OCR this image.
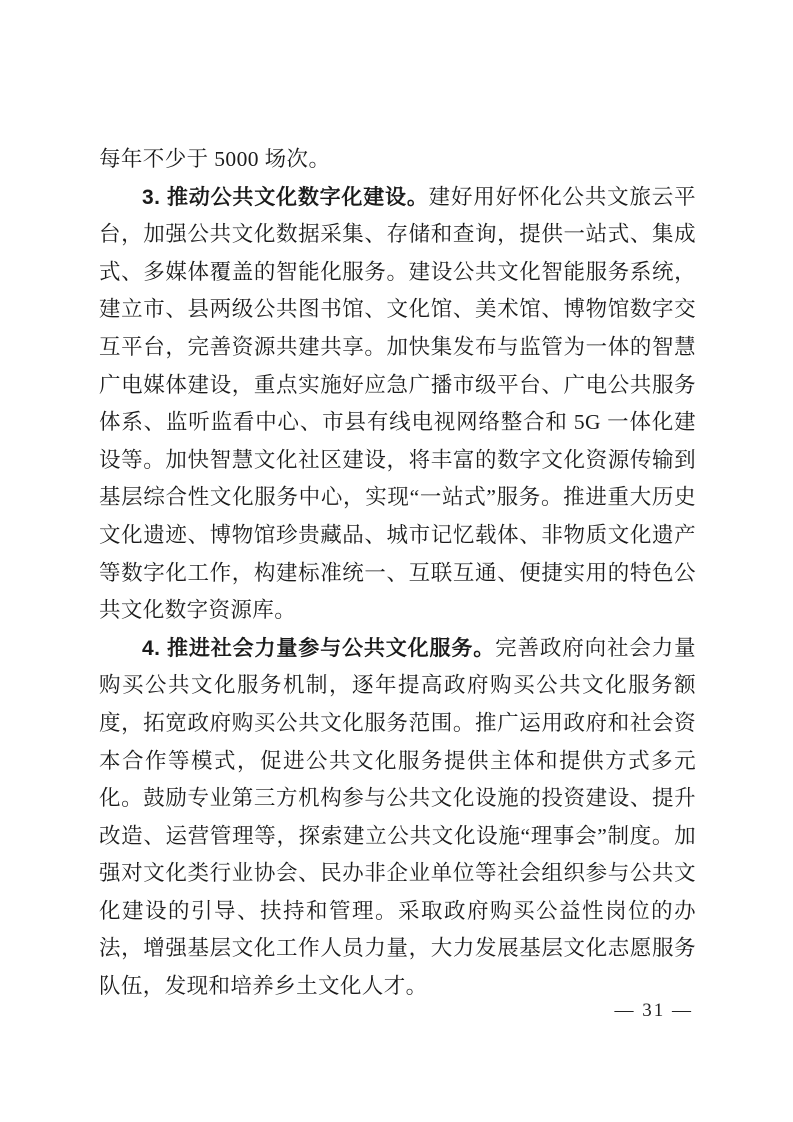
每年不少于 5000 场次。

3. 推动公共文化数字化建设。建好用好怀化公共文旅云平台，加强公共文化数据采集、存储和查询，提供一站式、集成式、多媒体覆盖的智能化服务。建设公共文化智能服务系统，建立市、县两级公共图书馆、文化馆、美术馆、博物馆数字交互平台，完善资源共建共享。加快集发布与监管为一体的智慧广电媒体建设，重点实施好应急广播市级平台、广电公共服务体系、监听监看中心、市县有线电视网络整合和 5G 一体化建设等。加快智慧文化社区建设，将丰富的数字文化资源传输到基层综合性文化服务中心，实现“一站式”服务。推进重大历史文化遗迹、博物馆珍贵藏品、城市记忆载体、非物质文化遗产等数字化工作，构建标准统一、互联互通、便捷实用的特色公共文化数字资源库。

4. 推进社会力量参与公共文化服务。完善政府向社会力量购买公共文化服务机制，逐年提高政府购买公共文化服务额度，拓宽政府购买公共文化服务范围。推广运用政府和社会资本合作等模式，促进公共文化服务提供主体和提供方式多元化。鼓励专业第三方机构参与公共文化设施的投资建设、提升改造、运营管理等，探索建立公共文化设施“理事会”制度。加强对文化类行业协会、民办非企业单位等社会组织参与公共文化建设的引导、扶持和管理。采取政府购买公益性岗位的办法，增强基层文化工作人员力量，大力发展基层文化志愿服务队伍，发现和培养乡土文化人才。

— 31 —
